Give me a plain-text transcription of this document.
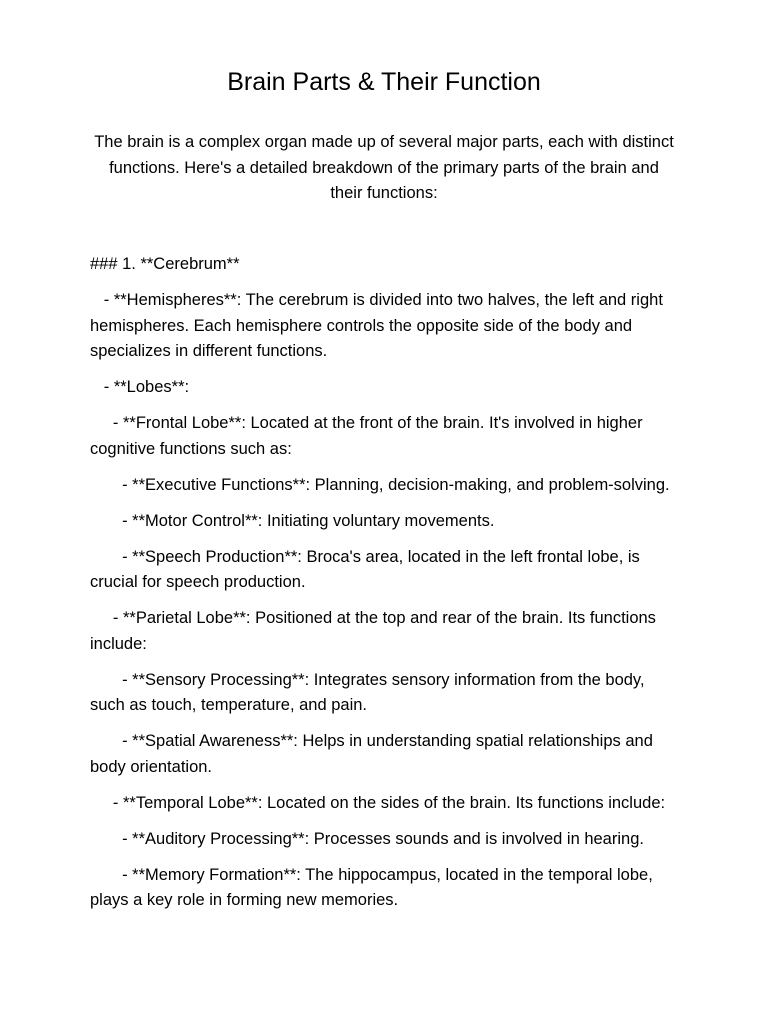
Brain Parts & Their Function

The brain is a complex organ made up of several major parts, each with distinct functions. Here's a detailed breakdown of the primary parts of the brain and their functions:

### 1. **Cerebrum**

- **Hemispheres**: The cerebrum is divided into two halves, the left and right hemispheres. Each hemisphere controls the opposite side of the body and specializes in different functions.

- **Lobes**:

- **Frontal Lobe**: Located at the front of the brain. It's involved in higher cognitive functions such as:

- **Executive Functions**: Planning, decision-making, and problem-solving.

- **Motor Control**: Initiating voluntary movements.

- **Speech Production**: Broca's area, located in the left frontal lobe, is crucial for speech production.

- **Parietal Lobe**: Positioned at the top and rear of the brain. Its functions include:

- **Sensory Processing**: Integrates sensory information from the body, such as touch, temperature, and pain.

- **Spatial Awareness**: Helps in understanding spatial relationships and body orientation.

- **Temporal Lobe**: Located on the sides of the brain. Its functions include:

- **Auditory Processing**: Processes sounds and is involved in hearing.

- **Memory Formation**: The hippocampus, located in the temporal lobe, plays a key role in forming new memories.
